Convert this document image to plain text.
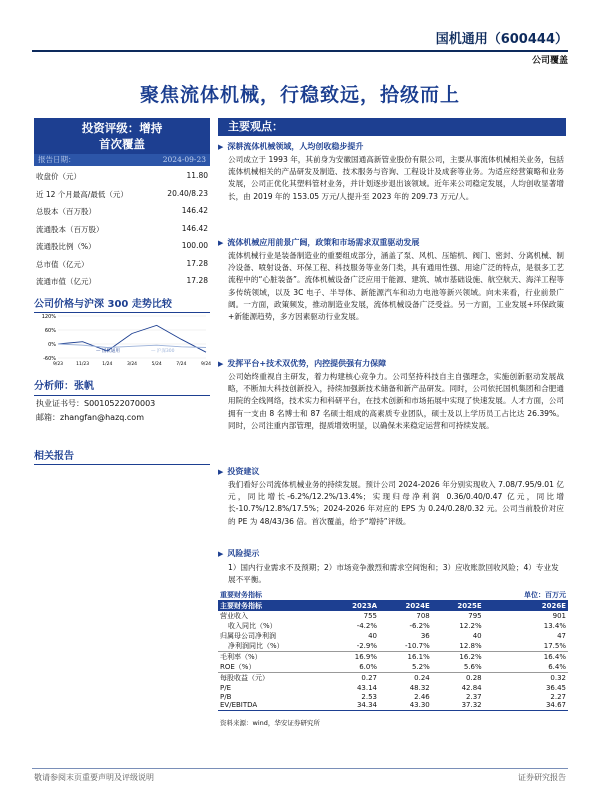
国机通用（600444）
公司覆盖
聚焦流体机械，行稳致远，拾级而上
投资评级：增持
首次覆盖
报告日期：	2024-09-23
收盘价（元）	11.80
近 12 个月最高/最低（元）	20.40/8.23
总股本（百万股）	146.42
流通股本（百万股）	146.42
流通股比例（%）	100.00
总市值（亿元）	17.28
流通市值（亿元）	17.28
公司价格与沪深 300 走势比较
120%
60%
0%
-60%
9/23	11/23	1/24	3/24	5/24	7/24	9/24
— 国机通用	— 沪深300
分析师：张帆
执业证书号：S0010522070003
邮箱：zhangfan@hazq.com
相关报告
主要观点：
▶ 深耕流体机械领域，人均创收稳步提升
公司成立于 1993 年，其前身为安徽国通高新管业股份有限公司，主要从事流体机械相关业务，包括流体机械相关的产品研发及制造、技术服务与咨询、工程设计及成套等业务。为适应经营策略和业务发展，公司正优化其塑料管材业务，并计划逐步退出该领域。近年来公司稳定发展，人均创收显著增长，由 2019 年的 153.05 万元/人提升至 2023 年的 209.73 万元/人。
▶ 流体机械应用前景广阔，政策和市场需求双重驱动发展
流体机械行业是装备制造业的重要组成部分，涵盖了泵、风机、压缩机、阀门、密封、分离机械、制冷设备、喷射设备、环保工程、科技服务等业务门类，具有通用性强、用途广泛的特点，是很多工艺流程中的“心脏装备”。流体机械设备广泛应用于能源、建筑、城市基础设施、航空航天、海洋工程等多传统领域，以及 3C 电子、半导体、新能源汽车和动力电池等新兴领域。向未来看，行业前景广阔。一方面，政策频发，推动制造业发展，流体机械设备广泛受益。另一方面，工业发展+环保政策+新能源趋势，多方因素驱动行业发展。
▶ 发挥平台+技术双优势，内控提供强有力保障
公司始终重视自主研发，着力构建核心竞争力。公司坚持科技自主自强理念，实施创新驱动发展战略，不断加大科技创新投入，持续加强新技术储备和新产品研发。同时，公司依托国机集团和合肥通用院的全线网络，技术实力和科研平台，在技术创新和市场拓展中实现了快速发展。人才方面，公司拥有一支由 8 名博士和 87 名硕士组成的高素质专业团队，硕士及以上学历员工占比达 26.39%。同时，公司注重内部管理，提质增效明显，以确保未来稳定运营和可持续发展。
▶ 投资建议
我们看好公司流体机械业务的持续发展。预计公司 2024-2026 年分别实现收入 7.08/7.95/9.01 亿元，同比增长-6.2%/12.2%/13.4%；实现归母净利润 0.36/0.40/0.47 亿元，同比增长-10.7%/12.8%/17.5%；2024-2026 年对应的 EPS 为 0.24/0.28/0.32 元。公司当前股价对应的 PE 为 48/43/36 倍。首次覆盖，给予“增持”评级。
▶ 风险提示
1）国内行业需求不及预期；2）市场竞争激烈和需求空间饱和；3）应收账款回收风险；4）专业发展不平衡。
重要财务指标				单位：百万元
主要财务指标	2023A	2024E	2025E	2026E
营业收入	755	708	795	901
收入同比（%）	-4.2%	-6.2%	12.2%	13.4%
归属母公司净利润	40	36	40	47
净利润同比（%）	-2.9%	-10.7%	12.8%	17.5%
毛利率（%）	16.9%	16.1%	16.2%	16.4%
ROE（%）	6.0%	5.2%	5.6%	6.4%
每股收益（元）	0.27	0.24	0.28	0.32
P/E	43.14	48.32	42.84	36.45
P/B	2.53	2.46	2.37	2.27
EV/EBITDA	34.34	43.30	37.32	34.67
资料来源：wind，华安证券研究所
敬请参阅末页重要声明及评级说明	证券研究报告
